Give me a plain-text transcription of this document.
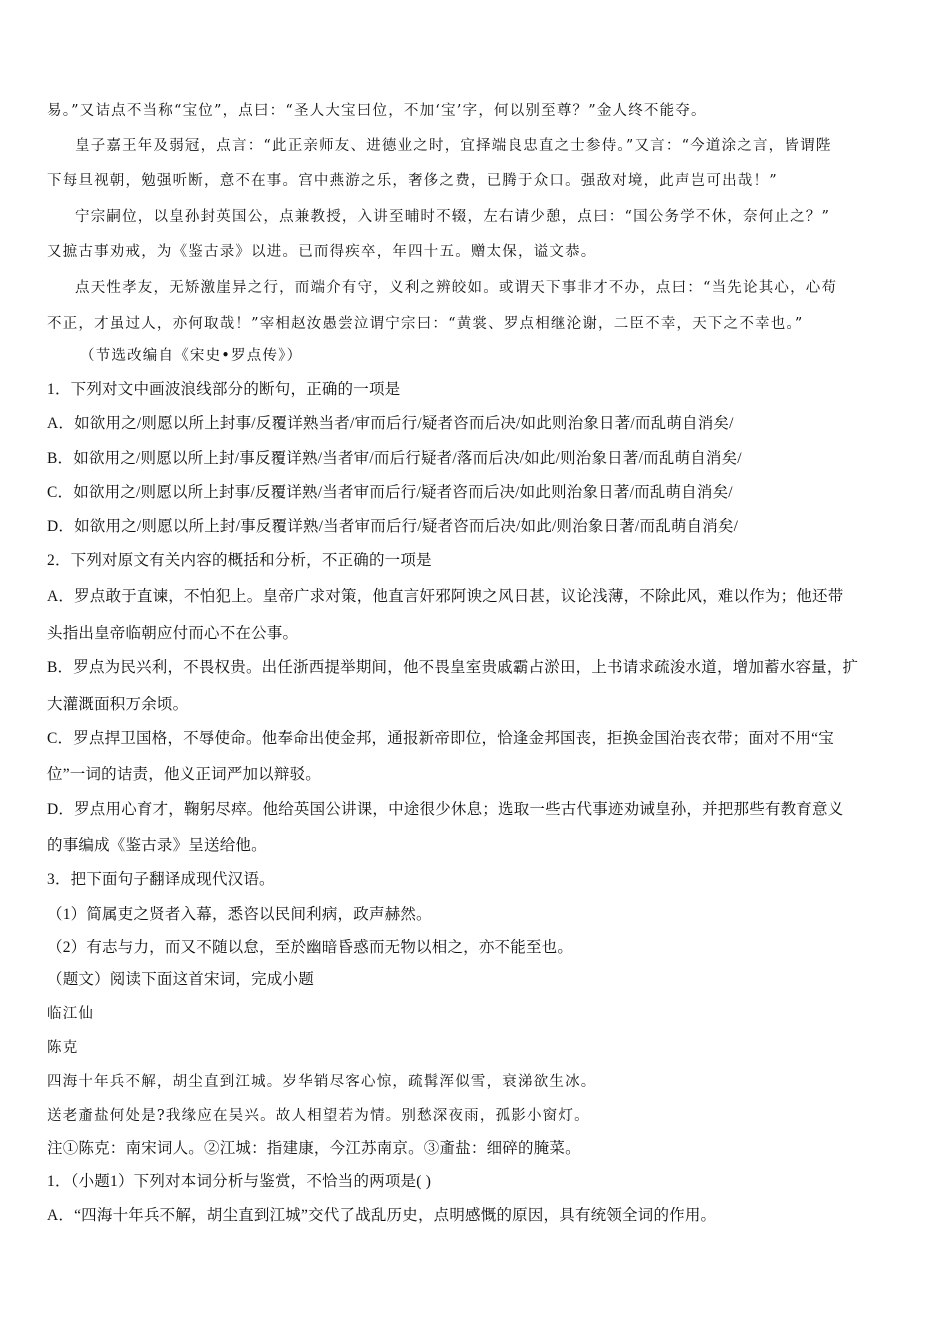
易。”又诘点不当称“宝位”，点曰：“圣人大宝曰位，不加‘宝’字，何以别至尊？”金人终不能夺。
皇子嘉王年及弱冠，点言：“此正亲师友、进德业之时，宜择端良忠直之士参侍。”又言：“今道涂之言，皆谓陛
下每旦视朝，勉强听断，意不在事。宫中燕游之乐，奢侈之费，已腾于众口。强敌对境，此声岂可出哉！”
宁宗嗣位，以皇孙封英国公，点兼教授，入讲至晡时不辍，左右请少憩，点曰：“国公务学不休，奈何止之？”
又摭古事劝戒，为《鉴古录》以进。已而得疾卒，年四十五。赠太保，谥文恭。
点天性孝友，无矫激崖异之行，而端介有守，义利之辨皎如。或谓天下事非才不办，点曰：“当先论其心，心苟
不正，才虽过人，亦何取哉！”宰相赵汝愚尝泣谓宁宗曰：“黄裳、罗点相继沦谢，二臣不幸，天下之不幸也。”
（节选改编自《宋史•罗点传》）
1．下列对文中画波浪线部分的断句，正确的一项是
A．如欲用之/则愿以所上封事/反覆详熟当者/审而后行/疑者咨而后决/如此则治象日著/而乱萌自消矣/
B．如欲用之/则愿以所上封/事反覆详熟/当者审/而后行疑者/落而后决/如此/则治象日著/而乱萌自消矣/
C．如欲用之/则愿以所上封事/反覆详熟/当者审而后行/疑者咨而后决/如此则治象日著/而乱萌自消矣/
D．如欲用之/则愿以所上封/事反覆详熟/当者审而后行/疑者咨而后决/如此/则治象日著/而乱萌自消矣/
2．下列对原文有关内容的概括和分析，不正确的一项是
A．罗点敢于直谏，不怕犯上。皇帝广求对策，他直言奸邪阿谀之风日甚，议论浅薄，不除此风，难以作为；他还带
头指出皇帝临朝应付而心不在公事。
B．罗点为民兴利，不畏权贵。出任浙西提举期间，他不畏皇室贵戚霸占淤田，上书请求疏浚水道，增加蓄水容量，扩
大灌溉面积万余顷。
C．罗点捍卫国格，不辱使命。他奉命出使金邦，通报新帝即位，恰逢金邦国丧，拒换金国治丧衣带；面对不用“宝
位”一词的诘责，他义正词严加以辩驳。
D．罗点用心育才，鞠躬尽瘁。他给英国公讲课，中途很少休息；选取一些古代事迹劝诫皇孙，并把那些有教育意义
的事编成《鉴古录》呈送给他。
3．把下面句子翻译成现代汉语。
（1）简属吏之贤者入幕，悉咨以民间利病，政声赫然。
（2）有志与力，而又不随以怠，至於幽暗昏惑而无物以相之，亦不能至也。
（题文）阅读下面这首宋词，完成小题
临江仙
陈克
四海十年兵不解，胡尘直到江城。岁华销尽客心惊，疏髯浑似雪，衰涕欲生冰。
送老齑盐何处是?我缘应在吴兴。故人相望若为情。别愁深夜雨，孤影小窗灯。
注①陈克：南宋词人。②江城：指建康，今江苏南京。③齑盐：细碎的腌菜。
1．（小题1）下列对本词分析与鉴赏，不恰当的两项是( )
A．“四海十年兵不解，胡尘直到江城”交代了战乱历史，点明感慨的原因，具有统领全词的作用。
